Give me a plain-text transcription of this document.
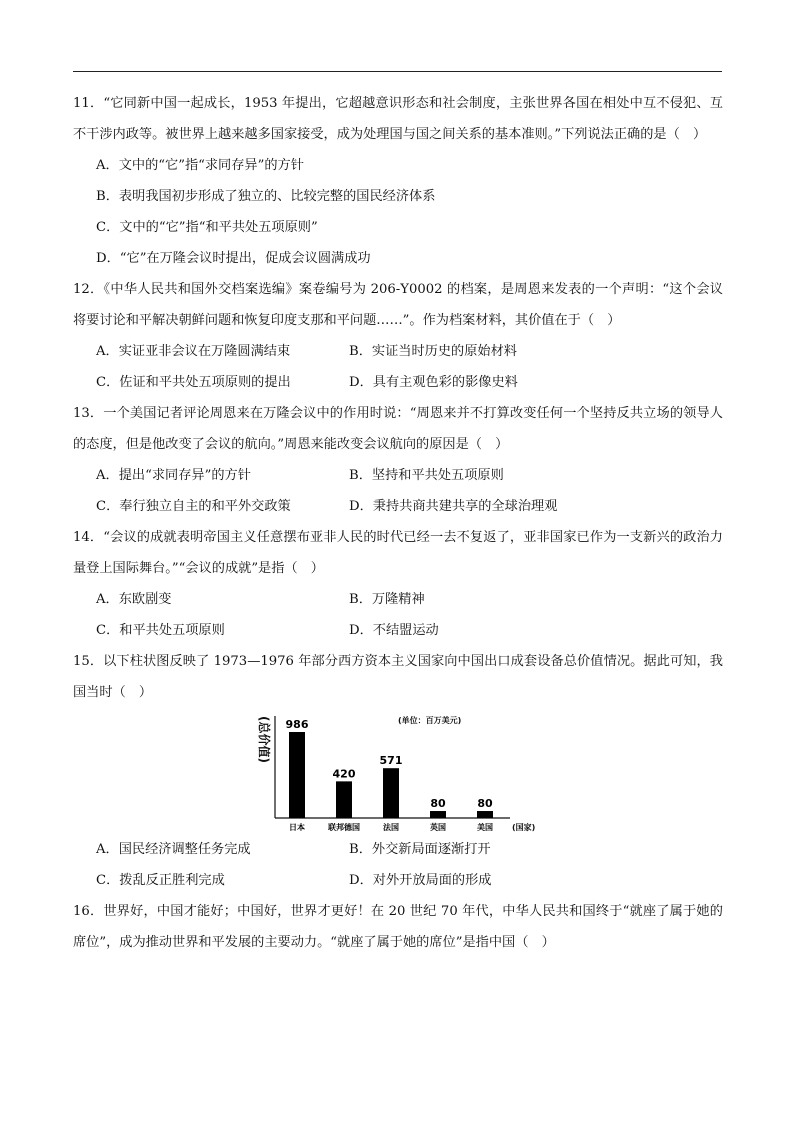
11．“它同新中国一起成长，1953 年提出，它超越意识形态和社会制度，主张世界各国在相处中互不侵犯、互不干涉内政等。被世界上越来越多国家接受，成为处理国与国之间关系的基本准则。”下列说法正确的是（　）

A．文中的“它”指“求同存异”的方针
B．表明我国初步形成了独立的、比较完整的国民经济体系
C．文中的“它”指“和平共处五项原则”
D．“它”在万隆会议时提出，促成会议圆满成功

12．《中华人民共和国外交档案选编》案卷编号为 206-Y0002 的档案，是周恩来发表的一个声明：“这个会议将要讨论和平解决朝鲜问题和恢复印度支那和平问题……”。作为档案材料，其价值在于（　）

A．实证亚非会议在万隆圆满结束	B．实证当时历史的原始材料
C．佐证和平共处五项原则的提出	D．具有主观色彩的影像史料

13．一个美国记者评论周恩来在万隆会议中的作用时说：“周恩来并不打算改变任何一个坚持反共立场的领导人的态度，但是他改变了会议的航向。”周恩来能改变会议航向的原因是（　）

A．提出“求同存异”的方针	B．坚持和平共处五项原则
C．奉行独立自主的和平外交政策	D．秉持共商共建共享的全球治理观

14．“会议的成就表明帝国主义任意摆布亚非人民的时代已经一去不复返了，亚非国家已作为一支新兴的政治力量登上国际舞台。”“会议的成就”是指（　）

A．东欧剧变	B．万隆精神
C．和平共处五项原则	D．不结盟运动

15．以下柱状图反映了 1973—1976 年部分西方资本主义国家向中国出口成套设备总价值情况。据此可知，我国当时（　）

(总价值)	(单位：百万美元)
986
日本
420
联邦德国
571
法国
80
英国
80
美国 (国家)
A．国民经济调整任务完成	B．外交新局面逐渐打开
C．拨乱反正胜利完成	D．对外开放局面的形成

16．世界好，中国才能好；中国好，世界才更好！在 20 世纪 70 年代，中华人民共和国终于“就座了属于她的席位”，成为推动世界和平发展的主要动力。“就座了属于她的席位”是指中国（　）
